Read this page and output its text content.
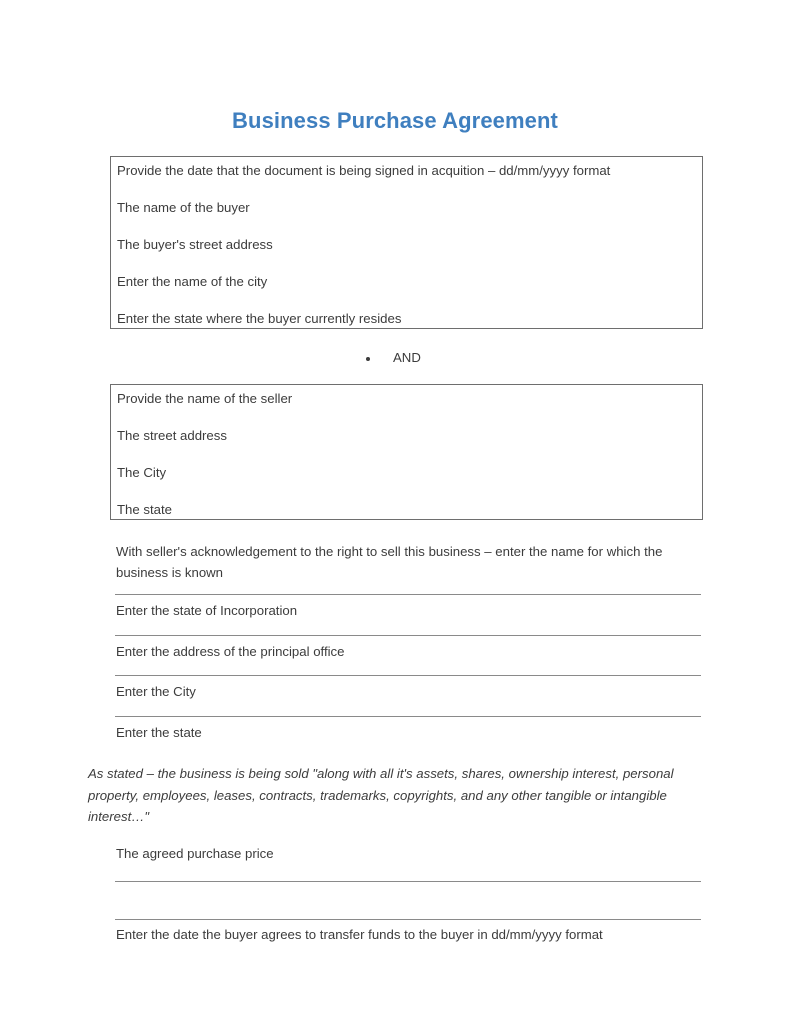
Business Purchase Agreement
Provide the date that the document is being signed in acquition – dd/mm/yyyy format
The name of the buyer
The buyer's street address
Enter the name of the city
Enter the state where the buyer currently resides
AND
Provide the name of the seller
The street address
The City
The state
With seller's acknowledgement to the right to sell this business – enter the name for which the business is known
Enter the state of Incorporation
Enter the address of the principal office
Enter the City
Enter the state
As stated – the business is being sold "along with all it's assets, shares, ownership interest, personal property, employees, leases, contracts, trademarks, copyrights, and any other tangible or intangible interest…"
The agreed purchase price
Enter the date the buyer agrees to transfer funds to the buyer in dd/mm/yyyy format
